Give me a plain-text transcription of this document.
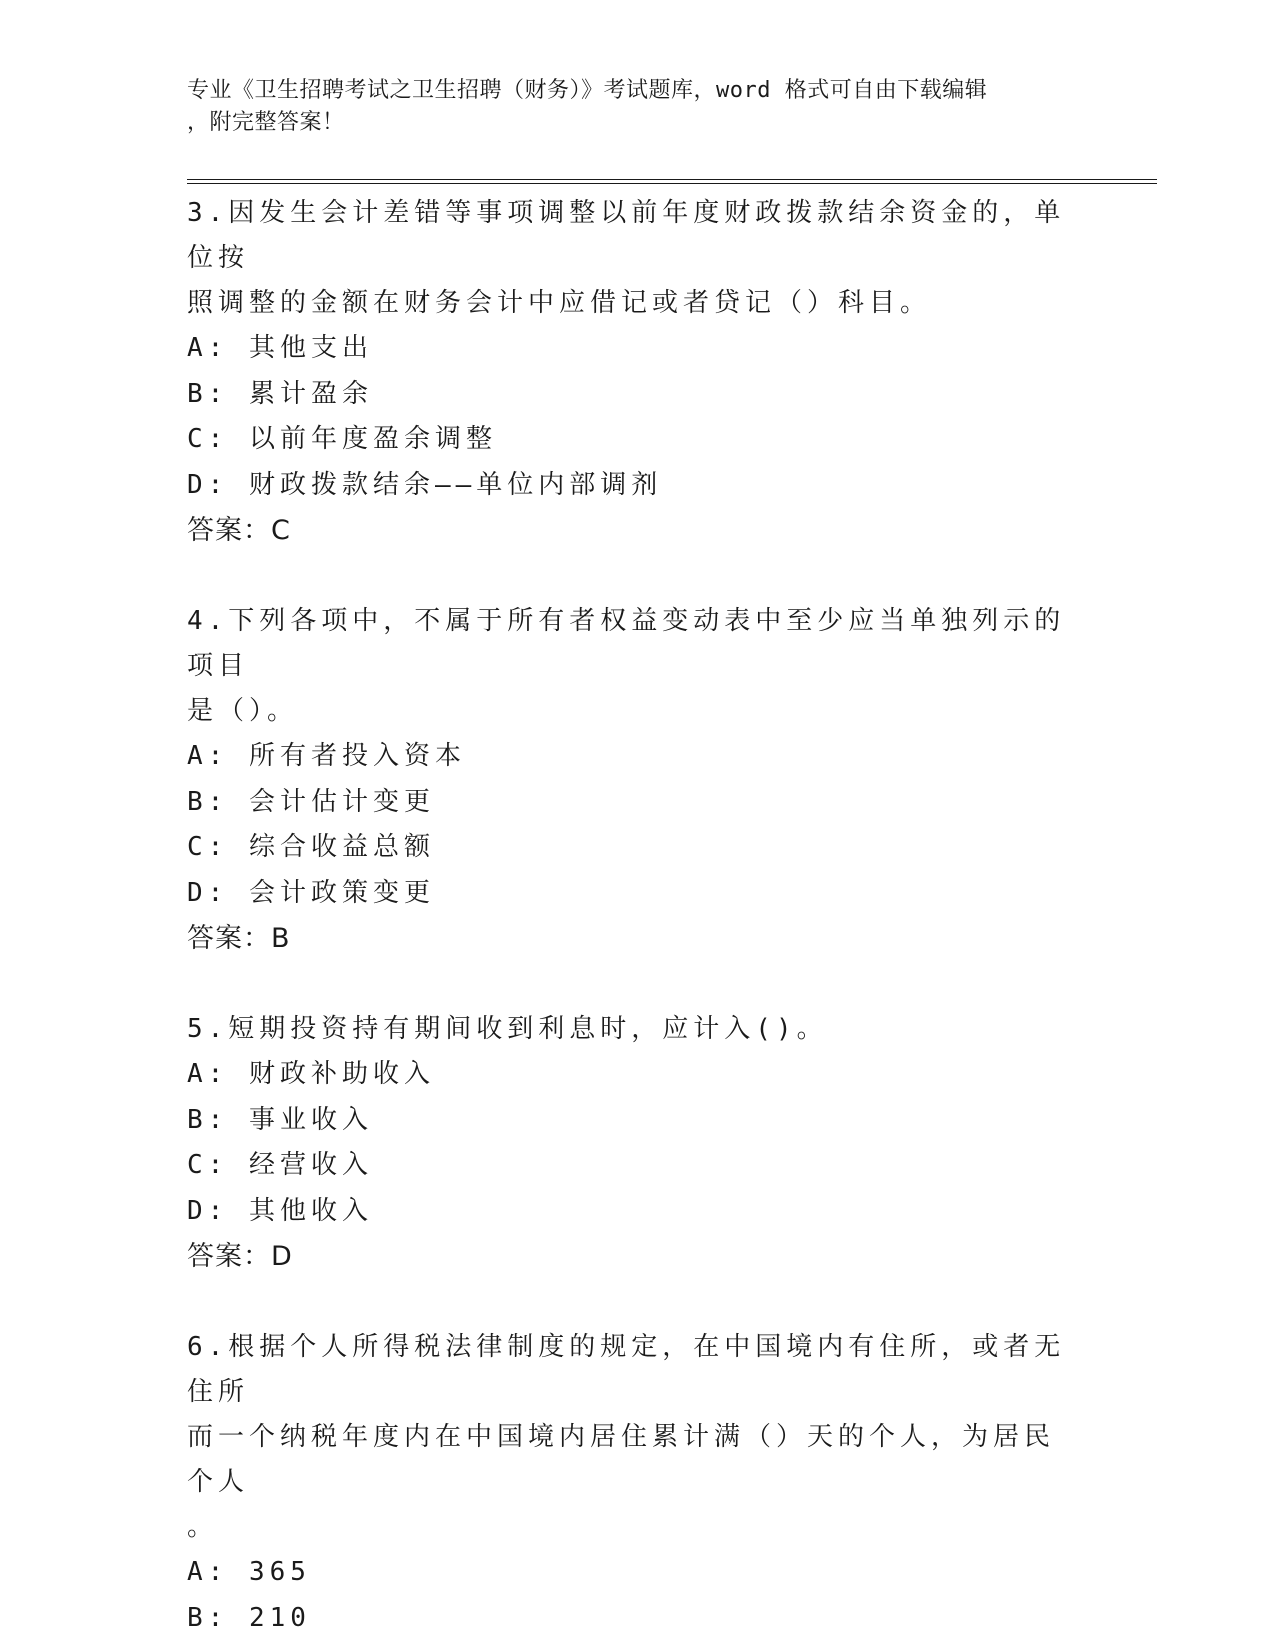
专业《卫生招聘考试之卫生招聘（财务）》考试题库，word 格式可自由下载编辑
，附完整答案！

3.因发生会计差错等事项调整以前年度财政拨款结余资金的，单位按

照调整的金额在财务会计中应借记或者贷记（）科目。

A: 其他支出

B: 累计盈余

C: 以前年度盈余调整

D: 财政拨款结余——单位内部调剂

答案：C

4.下列各项中，不属于所有者权益变动表中至少应当单独列示的项目

是（）。

A: 所有者投入资本

B: 会计估计变更

C: 综合收益总额

D: 会计政策变更

答案：B

5.短期投资持有期间收到利息时，应计入()。

A: 财政补助收入

B: 事业收入

C: 经营收入

D: 其他收入

答案：D

6.根据个人所得税法律制度的规定，在中国境内有住所，或者无住所

而一个纳税年度内在中国境内居住累计满（）天的个人，为居民个人

。

A: 365

B: 210
